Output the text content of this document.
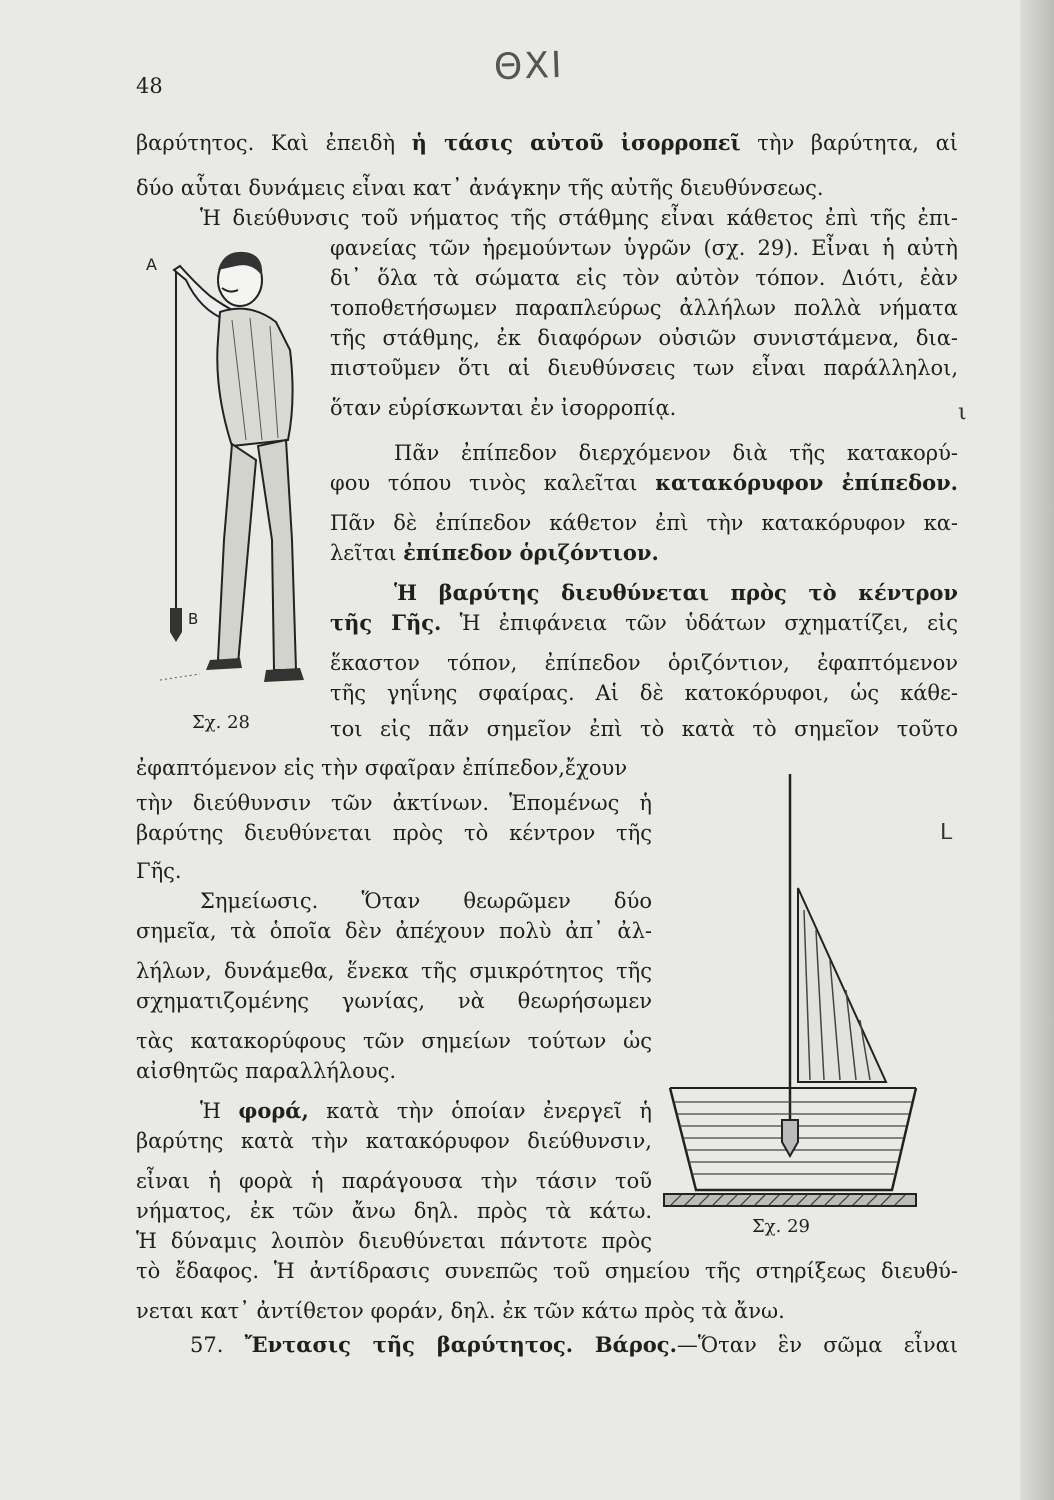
48	ΘΧΙ
βαρύτητος. Καὶ ἐπειδὴ ἡ τάσις αὐτοῦ ἰσορροπεῖ τὴν βαρύτητα, αἱ
δύο αὗται δυνάμεις εἶναι κατ᾽ ἀνάγκην τῆς αὐτῆς διευθύνσεως.
Ἡ διεύθυνσις τοῦ νήματος τῆς στάθμης εἶναι κάθετος ἐπὶ τῆς ἐπι-
φανείας τῶν ἠρεμούντων ὑγρῶν (σχ. 29). Εἶναι ἡ αὐτὴ
δι᾽ ὅλα τὰ σώματα εἰς τὸν αὐτὸν τόπον. Διότι, ἐὰν
τοποθετήσωμεν παραπλεύρως ἀλλήλων πολλὰ νήματα
τῆς στάθμης, ἐκ διαφόρων οὐσιῶν συνιστάμενα, δια-
πιστοῦμεν ὅτι αἱ διευθύνσεις των εἶναι παράλληλοι,
ὅταν εὑρίσκωνται ἐν ἰσορροπίᾳ.
Πᾶν ἐπίπεδον διερχόμενον διὰ τῆς κατακορύ-
φου τόπου τινὸς καλεῖται κατακόρυφον ἐπίπεδον.
Πᾶν δὲ ἐπίπεδον κάθετον ἐπὶ τὴν κατακόρυφον κα-
λεῖται ἐπίπεδον ὁριζόντιον.
Ἡ βαρύτης διευθύνεται πρὸς τὸ κέντρον
τῆς Γῆς. Ἡ ἐπιφάνεια τῶν ὑδάτων σχηματίζει, εἰς
ἕκαστον τόπον, ἐπίπεδον ὁριζόντιον, ἐφαπτόμενον
τῆς γηΐνης σφαίρας. Αἱ δὲ κατοκόρυφοι, ὡς κάθε-
τοι εἰς πᾶν σημεῖον ἐπὶ τὸ κατὰ τὸ σημεῖον τοῦτο
ἐφαπτόμενον εἰς τὴν σφαῖραν ἐπίπεδον,ἔχουν
τὴν διεύθυνσιν τῶν ἀκτίνων. Ἑπομένως ἡ
βαρύτης διευθύνεται πρὸς τὸ κέντρον τῆς
Γῆς.
Σημείωσις. Ὅταν θεωρῶμεν δύο
σημεῖα, τὰ ὁποῖα δὲν ἀπέχουν πολὺ ἀπ᾽ ἀλ-
λήλων, δυνάμεθα, ἕνεκα τῆς σμικρότητος τῆς
σχηματιζομένης γωνίας, νὰ θεωρήσωμεν
τὰς κατακορύφους τῶν σημείων τούτων ὡς
αἰσθητῶς παραλλήλους.
Ἡ φορά, κατὰ τὴν ὁποίαν ἐνεργεῖ ἡ
βαρύτης κατὰ τὴν κατακόρυφον διεύθυνσιν,
εἶναι ἡ φορὰ ἡ παράγουσα τὴν τάσιν τοῦ
νήματος, ἐκ τῶν ἄνω δηλ. πρὸς τὰ κάτω.
Ἡ δύναμις λοιπὸν διευθύνεται πάντοτε πρὸς
τὸ ἔδαφος. Ἡ ἀντίδρασις συνεπῶς τοῦ σημείου τῆς στηρίξεως διευθύ-
νεται κατ᾽ ἀντίθετον φοράν, δηλ. ἐκ τῶν κάτω πρὸς τὰ ἄνω.
57. Ἔντασις τῆς βαρύτητος. Βάρος.—Ὅταν ἓν σῶμα εἶναι
Α
Β
Σχ. 28
Σχ. 29
ι
ᒪ
